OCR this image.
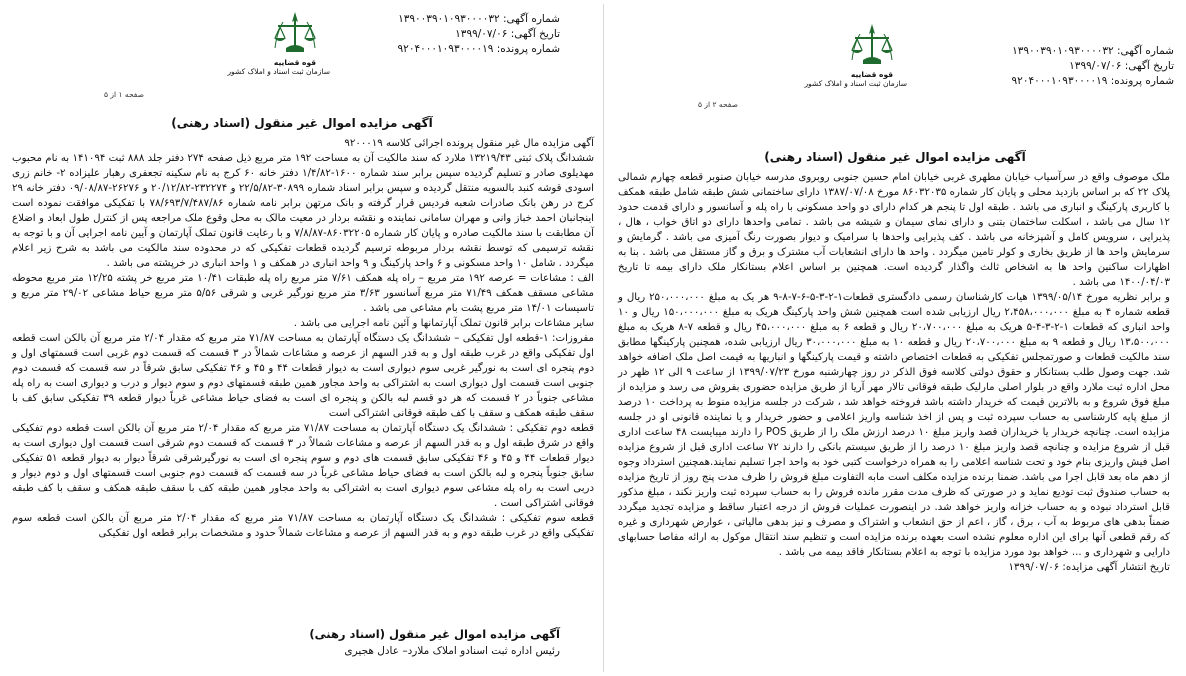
شماره آگهی: ۱۳۹۰۰۳۹۰۱۰۹۳۰۰۰۰۳۲
تاریخ آگهی: ۱۳۹۹/۰۷/۰۶
شماره پرونده: ۹۲۰۴۰۰۰۱۰۹۳۰۰۰۰۱۹
قوه قضاییه
سازمان ثبت اسناد و املاک کشور
صفحه ۲ از ۵
آگهی مزایده اموال غیر منقول (اسناد رهنی)

ملک موصوف واقع در سرآسیاب خیابان مطهری غربی خیابان امام حسین جنوبی روبروی مدرسه خیابان صنوبر قطعه چهارم شمالی پلاک ۲۲ که بر اساس بازدید محلی و پایان کار شماره ۸۶۰۳۲۰۳۵ مورخ ۱۳۸۷/۰۷/۰۸ دارای ساختمانی شش طبقه شامل طبقه همکف با کاربری پارکینگ و انباری می باشد . طبقه اول تا پنجم هر کدام دارای دو واحد مسکونی با راه پله و آسانسور و دارای قدمت حدود ۱۲ سال می باشد ، اسکلت ساختمان بتنی و دارای نمای سیمان و شیشه می باشد . تمامی واحدها دارای دو اتاق خواب ، هال ، پذیرایی ، سرویس کامل و آشپزخانه می باشد . کف پذیرایی واحدها با سرامیک و دیوار بصورت رنگ آمیزی می باشد . گرمایش و سرمایش واحد ها از طریق بخاری و کولر تامین میگردد . واحد ها دارای انشعابات آب مشترک و برق و گاز مستقل می باشد . بنا به اظهارات ساکنین واحد ها به اشخاص ثالث واگذار گردیده است. همچنین بر اساس اعلام بستانکار ملک دارای بیمه تا تاریخ ۱۴۰۰/۰۴/۰۳ می باشد .

و برابر نظریه مورخ ۱۳۹۹/۰۵/۱۴ هیات کارشناسان رسمی دادگستری قطعات۱-۲-۳-۵-۶-۷-۸-۹ هر یک به مبلغ ۲۵۰،۰۰۰،۰۰۰ ریال و قطعه شماره ۴ به مبلغ ۲،۴۵۸،۰۰۰،۰۰۰ ریال ارزیابی شده است همچنین شش واحد پارکینگ هریک به مبلغ ۱۵۰،۰۰۰،۰۰۰ ریال و ۱۰ واحد انباری که قطعات ۱-۲-۳-۴-۵ هریک به مبلغ ۲۰،۷۰۰،۰۰۰ ریال و قطعه ۶ به مبلغ ۴۵،۰۰۰،۰۰۰ ریال و قطعه ۷-۸ هریک به مبلغ ۱۳،۵۰۰،۰۰۰ ریال و قطعه ۹ به مبلغ ۲۰،۷۰۰،۰۰۰ ریال و قطعه ۱۰ به مبلغ ۳۰،۰۰۰،۰۰۰ ریال ارزیابی شده، همچنین پارکینگها مطابق سند مالکیت قطعات و صورتمجلس تفکیکی به قطعات اختصاص داشته و قیمت پارکینگها و انباریها به قیمت اصل ملک اضافه خواهد شد. جهت وصول طلب بستانکار و حقوق دولتی کلاسه فوق الذکر در روز چهارشنبه مورخ ۱۳۹۹/۰۷/۲۳ از ساعت ۹ الی ۱۲ ظهر در محل اداره ثبت ملارد واقع در بلوار اصلی مارلیک طبقه فوقانی تالار مهر آریا از طریق مزایده حضوری بفروش می رسد و مزایده از مبلغ فوق شروع و به بالاترین قیمت که خریدار داشته باشد فروخته خواهد شد ، شرکت در جلسه مزایده منوط به پرداخت ۱۰ درصد از مبلغ پایه کارشناسی به حساب سپرده ثبت و پس از اخذ شناسه واریز اعلامی و حضور خریدار و یا نماینده قانونی او در جلسه مزایده است. چنانچه خریدار یا خریداران قصد واریز مبلغ ۱۰ درصد ارزش ملک را از طریق POS را دارند میبایست ۴۸ ساعت اداری قبل از شروع مزایده و چنانچه قصد واریز مبلغ ۱۰ درصد را از طریق سیستم بانکی را دارند ۷۲ ساعت اداری قبل از شروع مزایده اصل فیش واریزی بنام خود و تحت شناسه اعلامی را به همراه درخواست کتبی خود به واحد اجرا تسلیم نمایند.همچنین استرداد وجوه از دهم ماه بعد قابل اجرا می باشد. ضمنا برنده مزایده مکلف است مابه التفاوت مبلغ فروش را ظرف مدت پنج روز از تاریخ مزایده به حساب صندوق ثبت تودیع نماید و در صورتی که ظرف مدت مقرر مانده فروش را به حساب سپرده ثبت واریز نکند ، مبلغ مذکور قابل استرداد نبوده و به حساب خزانه واریز خواهد شد. در اینصورت عملیات فروش از درجه اعتبار ساقط و مزایده تجدید میگردد ضمناً بدهی های مربوط به آب ، برق ، گاز ، اعم از حق انشعاب و اشتراک و مصرف و نیز بدهی مالیاتی ، عوارض شهرداری و غیره که رقم قطعی آنها برای این اداره معلوم نشده است بعهده برنده مزایده است و تنظیم سند انتقال موکول به ارائه مفاصا حسابهای دارایی و شهرداری و ... خواهد بود مورد مزایده با توجه به اعلام بستانکار فاقد بیمه می باشد .

تاریخ انتشار آگهی مزایده: ۱۳۹۹/۰۷/۰۶

شماره آگهی: ۱۳۹۰۰۳۹۰۱۰۹۳۰۰۰۰۳۲
تاریخ آگهی: ۱۳۹۹/۰۷/۰۶
شماره پرونده: ۹۲۰۴۰۰۰۱۰۹۳۰۰۰۰۱۹
قوه قضاییه
سازمان ثبت اسناد و املاک کشور
صفحه ۱ از ۵
آگهی مزایده اموال غیر منقول (اسناد رهنی)

آگهی مزایده مال غیر منقول پرونده اجرائی کلاسه ۹۲۰۰۰۱۹

ششدانگ پلاک ثبتی ۱۳۲۱۹/۴۳ ملارد که سند مالکیت آن به مساحت ۱۹۲ متر مربع ذیل صفحه ۲۷۴ دفتر جلد ۸۸۸ ثبت ۱۴۱۰۹۴ به نام محبوب مهدیلوی صادر و تسلیم گردیده سپس برابر سند شماره ۱۶۰۰-۱/۴/۸۲ دفتر خانه ۶۰ کرج به نام سکینه تجعفری رهبار علیزاده ۲- خانم زری اسودی قوشه کنبد بالسویه منتقل گردیده و سپس برابر اسناد شماره ۳۰۸۹۹-۲۲/۵/۸۲ و ۲۳۲۲۷۴-۲۰/۱۲/۸۲ و ۲۶۲۷۶-۰۹/۰۸/۸۷ دفتر خانه ۲۹ کرج در رهن بانک صادرات شعبه فردیس قرار گرفته و بانک مرتهن برابر نامه شماره ۷۸/۶۹۳/۷/۴۸۷/۸۶ با تفکیکی موافقت نموده است اینجانبان احمد خباز وانی و مهران سامانی نماینده و نقشه بردار در معیت مالک به محل وقوع ملک مراجعه پس از کنترل طول ابعاد و اضلاع آن مطابقت با سند مالکیت صادره و پایان کار شماره ۸۶۰۳۲۲۰۵-۷/۸/۸۷ و با رعایت قانون تملک آپارتمان و آیین نامه اجرایی آن و با توجه به نقشه ترسیمی که توسط نقشه بردار مربوطه ترسیم گردیده قطعات تفکیکی که در محدوده سند مالکیت می باشد به شرح زیر اعلام میگردد . شامل ۱۰ واحد مسکونی و ۶ واحد پارکینگ و ۹ واحد انباری در همکف و ۱ واحد انباری در خرپشته می باشد .

الف : مشاعات = عرصه ۱۹۲ متر مربع – راه پله همکف ۷/۶۱ متر مربع راه پله طبقات ۱۰/۴۱ متر مربع خر پشته ۱۲/۲۵ متر مربع محوطه مشاعی مسقف همکف ۷۱/۴۹ متر مربع آسانسور ۳/۶۳ متر مربع نورگیر غربی و شرقی ۵/۵۶ متر مربع حیاط مشاعی ۲۹/۰۲ متر مربع و تاسیسات ۱۴/۰۱ متر مربع پشت بام مشاعی می باشد .

سایر مشاعات برابر قانون تملک آپارتمانها و آئین نامه اجرایی می باشد .

مفروزات: ۱-قطعه اول تفکیکی – ششدانگ یک دستگاه آپارتمان به مساحت ۷۱/۸۷ متر مربع که مقدار ۲/۰۴ متر مربع آن بالکن است قطعه اول تفکیکی واقع در غرب طبقه اول و به قدر السهم از عرصه و مشاعات شمالاً در ۳ قسمت که قسمت دوم غربی است قسمتهای اول و دوم پنجره ای است به نورگیر غربی سوم دیواری است به دیوار قطعات ۴۴ و ۴۵ و ۴۶ تفکیکی سابق شرقاً در سه قسمت که قسمت دوم جنوبی است قسمت اول دیواری است به اشتراکی به واحد مجاور همین طبقه قسمتهای دوم و سوم دیوار و درب و دیواری است به راه پله مشاعی جنوباً در ۲ قسمت که هر دو قسم لبه بالکن و پنجره ای است به فضای حیاط مشاعی غرباً دیوار قطعه ۳۹ تفکیکی سابق کف با سقف طبقه همکف و سقف با کف طبقه فوقانی اشتراکی است

قطعه دوم تفکیکی : ششدانگ یک دستگاه آپارتمان به مساحت ۷۱/۸۷ متر مربع که مقدار ۲/۰۴ متر مربع آن بالکن است قطعه دوم تفکیکی واقع در شرق طبقه اول و به قدر السهم از عرصه و مشاعات شمالاً در ۳ قسمت که قسمت دوم شرقی است قسمت اول دیواری است به دیوار قطعات ۴۴ و ۴۵ و ۴۶ تفکیکی سابق قسمت های دوم و سوم پنجره ای است به نورگیرشرقی شرقاً دیوار به دیوار قطعه ۵۱ تفکیکی سابق جنوباً پنجره و لبه بالکن است به فضای حیاط مشاعی غرباً در سه قسمت که قسمت دوم جنوبی است قسمتهای اول و دوم دیوار و دربی است به راه پله مشاعی سوم دیواری است به اشتراکی به واحد مجاور همین طبقه کف با سقف طبقه همکف و سقف با کف طبقه فوقانی اشتراکی است .

قطعه سوم تفکیکی : ششدانگ یک دستگاه آپارتمان به مساحت ۷۱/۸۷ متر مربع که مقدار ۲/۰۴ متر مربع آن بالکن است قطعه سوم تفکیکی واقع در غرب طبقه دوم و به قدر السهم از عرصه و مشاعات شمالاً حدود و مشخصات برابر قطعه اول تفکیکی

آگهی مزایده اموال غیر منقول (اسناد رهنی)
رئیس اداره ثبت اسنادو املاک ملارد– عادل هجیری
